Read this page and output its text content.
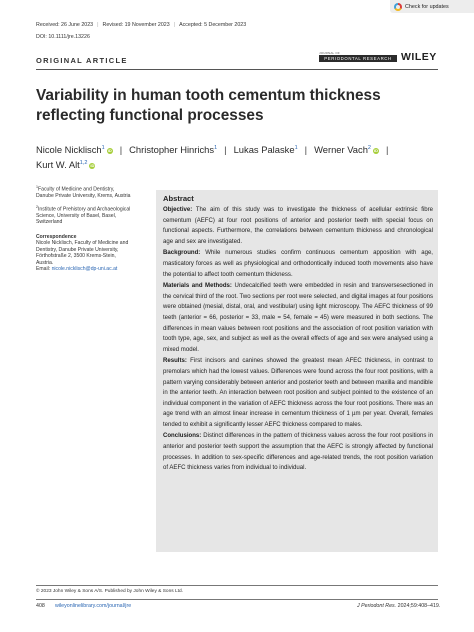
Received: 26 June 2023 | Revised: 19 November 2023 | Accepted: 5 December 2023
DOI: 10.1111/jre.13226
Check for updates
ORIGINAL ARTICLE
JOURNAL OF
PERIODONTAL RESEARCH WILEY
Variability in human tooth cementum thickness reflecting functional processes
Nicole Nicklisch$^1$ iD | Christopher Hinrichs$^1$ | Lukas Palaske$^1$ | Werner Vach$^2$ iD |
Kurt W. Alt$^{1,2}$ iD

$^1$Faculty of Medicine and Dentistry, Danube Private University, Krems, Austria

$^2$Institute of Prehistory and Archaeological Science, University of Basel, Basel, Switzerland

Correspondence

Nicole Nicklisch, Faculty of Medicine and Dentistry, Danube Private University, Förthofstraße 2, 3500 Krems-Stein, Austria.

Email: nicole.nicklisch@dp-uni.ac.at

Abstract

Objective: The aim of this study was to investigate the thickness of acellular extrinsic fibre cementum (AEFC) at four root positions of anterior and posterior teeth with special focus on functional aspects. Furthermore, the correlations between cementum thickness and chronological age and sex are investigated.

Background: While numerous studies confirm continuous cementum apposition with age, masticatory forces as well as physiological and orthodontically induced tooth movements also have the potential to affect tooth cementum thickness.

Materials and Methods: Undecalcified teeth were embedded in resin and transversesectioned in the cervical third of the root. Two sections per root were selected, and digital images at four positions were obtained (mesial, distal, oral, and vestibular) using light microscopy. The AEFC thickness of 99 teeth (anterior = 66, posterior = 33, male = 54, female = 45) were measured in both sections. The differences in mean values between root positions and the association of root position variation with tooth type, age, sex, and subject as well as the overall effects of age and sex were analysed using a mixed model.

Results: First incisors and canines showed the greatest mean AFEC thickness, in contrast to premolars which had the lowest values. Differences were found across the four root positions, with a pattern varying considerably between anterior and posterior teeth and between maxilla and mandible in the anterior teeth. An interaction between root position and subject pointed to the existence of an individual component in the variation of AEFC thickness across the four root positions. There was an age trend with an almost linear increase in cementum thickness of 1 µm per year. Overall, females tended to exhibit a significantly lesser AEFC thickness compared to males.

Conclusions: Distinct differences in the pattern of thickness values across the four root positions in anterior and posterior teeth support the assumption that the AEFC is strongly affected by functional processes. In addition to sex-specific differences and age-related trends, the root position variation of AEFC thickness varies from individual to individual.

© 2023 John Wiley & Sons A/S. Published by John Wiley & Sons Ltd.
408 wileyonlinelibrary.com/journal/jre	J Periodont Res. 2024;59:408–419.
